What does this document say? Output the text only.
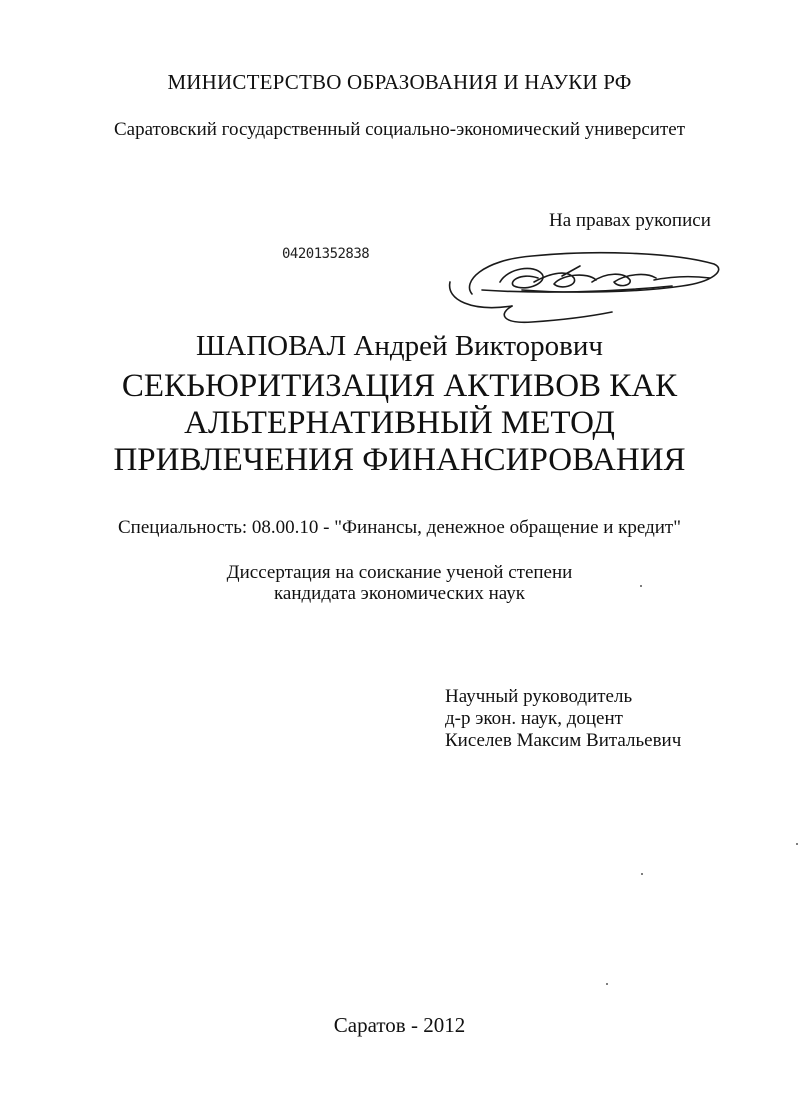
МИНИСТЕРСТВО ОБРАЗОВАНИЯ И НАУКИ РФ
Саратовский государственный социально-экономический университет
На правах рукописи
04201352838
ШАПОВАЛ Андрей Викторович
СЕКЬЮРИТИЗАЦИЯ АКТИВОВ КАК
АЛЬТЕРНАТИВНЫЙ МЕТОД
ПРИВЛЕЧЕНИЯ ФИНАНСИРОВАНИЯ
Специальность: 08.00.10 - "Финансы, денежное обращение и кредит"
Диссертация на соискание ученой степени
кандидата экономических наук
Научный руководитель
д-р экон. наук, доцент
Киселев Максим Витальевич
Саратов - 2012
